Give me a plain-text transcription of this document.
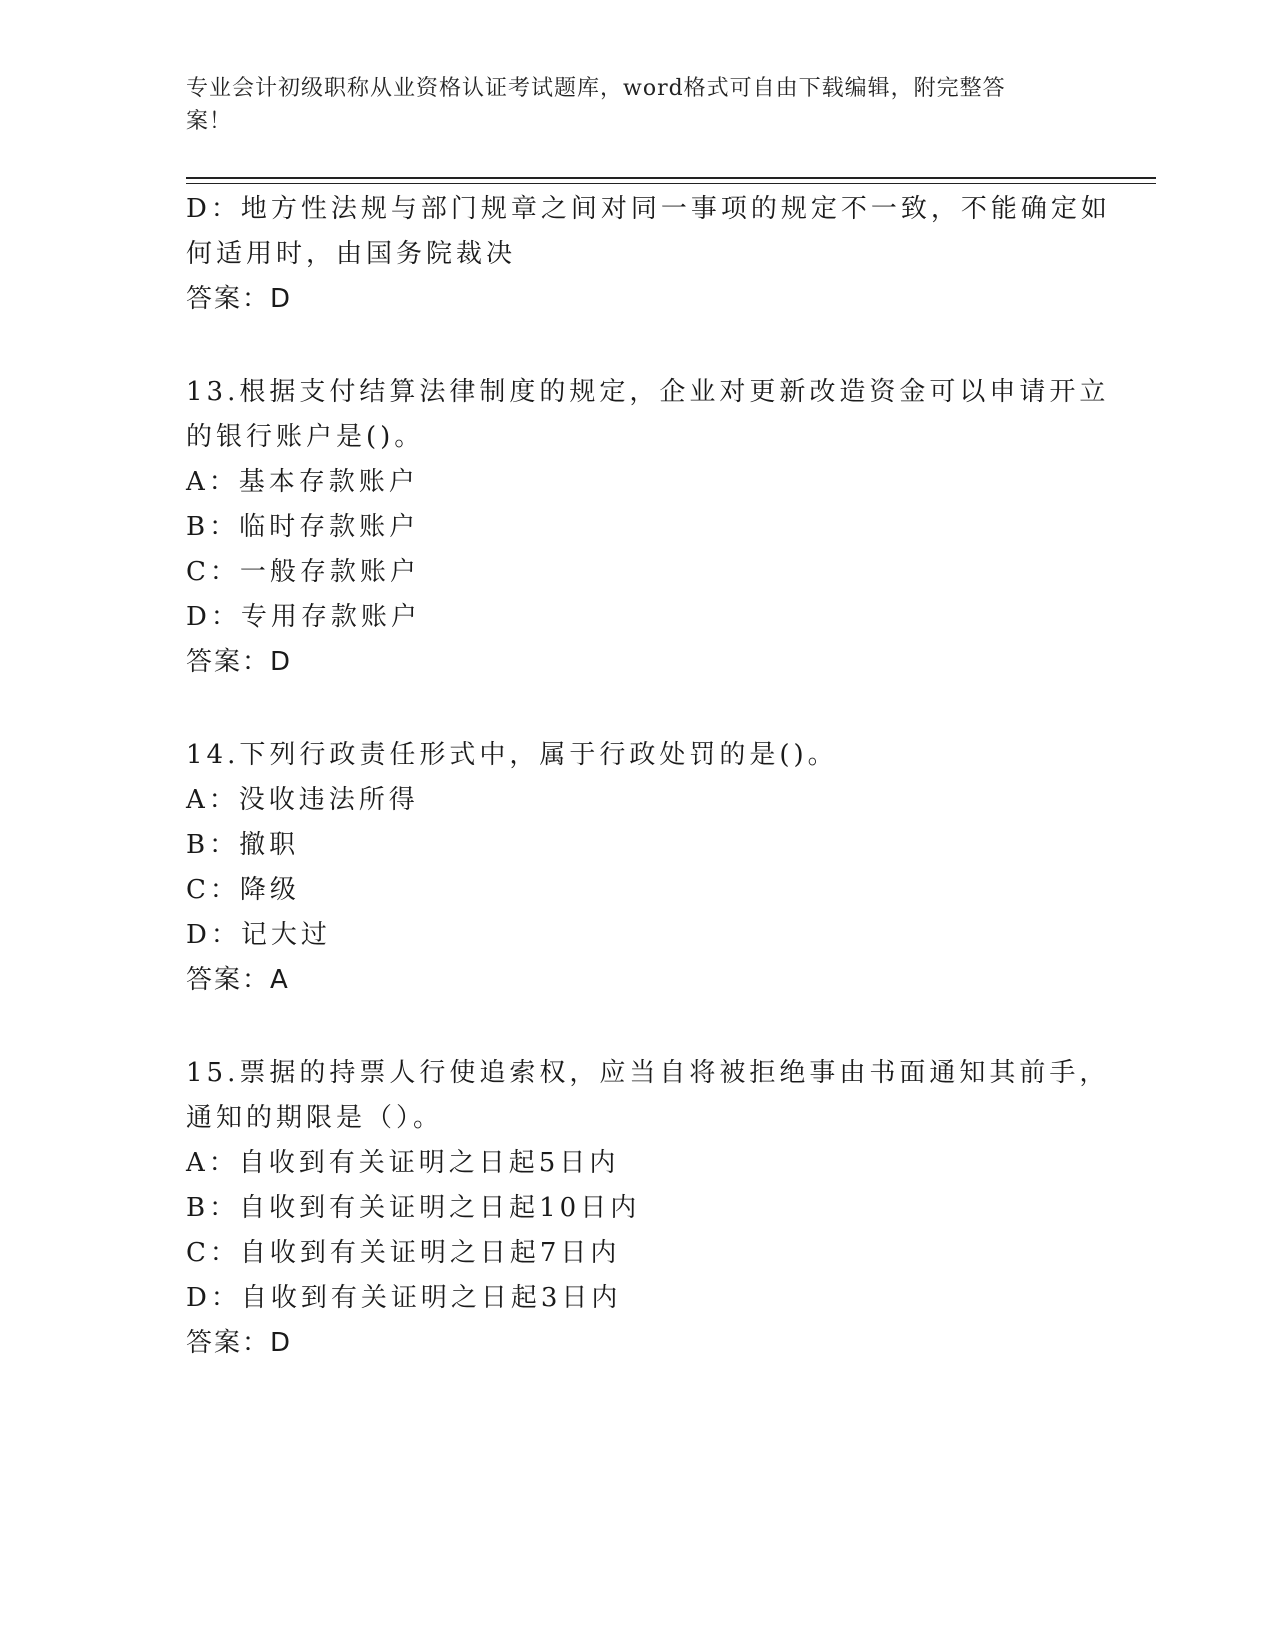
专业会计初级职称从业资格认证考试题库，word格式可自由下载编辑，附完整答
案！
D：地方性法规与部门规章之间对同一事项的规定不一致，不能确定如
何适用时，由国务院裁决
答案：D
13.根据支付结算法律制度的规定，企业对更新改造资金可以申请开立
的银行账户是()。
A：基本存款账户
B：临时存款账户
C：一般存款账户
D：专用存款账户
答案：D
14.下列行政责任形式中，属于行政处罚的是()。
A：没收违法所得
B：撤职
C：降级
D：记大过
答案：A
15.票据的持票人行使追索权，应当自将被拒绝事由书面通知其前手，
通知的期限是（）。
A：自收到有关证明之日起5日内
B：自收到有关证明之日起10日内
C：自收到有关证明之日起7日内
D：自收到有关证明之日起3日内
答案：D
